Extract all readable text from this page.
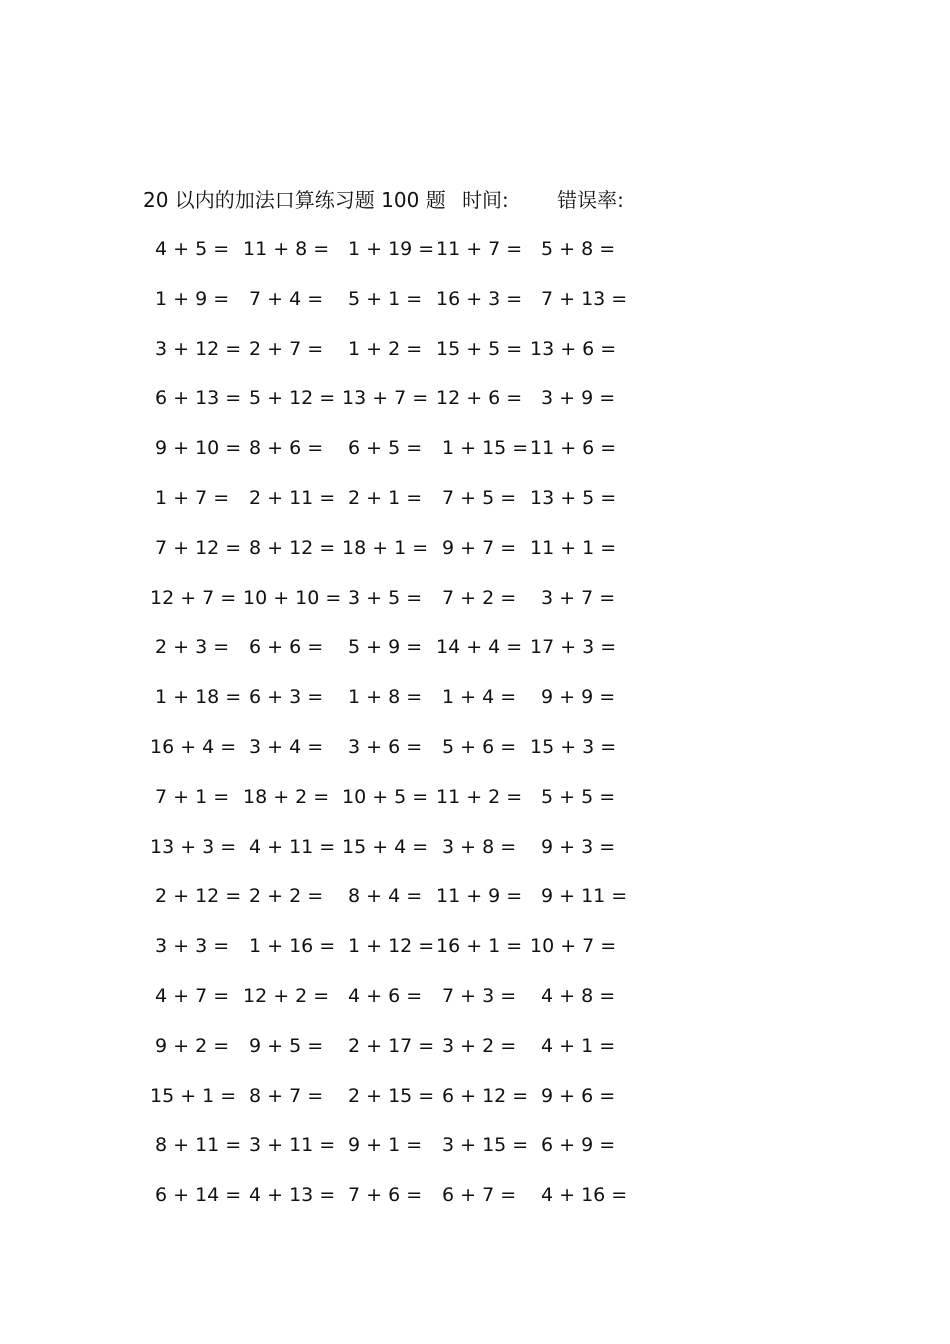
20 以内的加法口算练习题 100 题 时间: 错误率:
4 + 5 = 11 + 8 = 1 + 19 = 11 + 7 = 5 + 8 =
1 + 9 = 7 + 4 = 5 + 1 = 16 + 3 = 7 + 13 =
3 + 12 = 2 + 7 = 1 + 2 = 15 + 5 = 13 + 6 =
6 + 13 = 5 + 12 = 13 + 7 = 12 + 6 = 3 + 9 =
9 + 10 = 8 + 6 = 6 + 5 = 1 + 15 = 11 + 6 =
1 + 7 = 2 + 11 = 2 + 1 = 7 + 5 = 13 + 5 =
7 + 12 = 8 + 12 = 18 + 1 = 9 + 7 = 11 + 1 =
12 + 7 = 10 + 10 = 3 + 5 = 7 + 2 = 3 + 7 =
2 + 3 = 6 + 6 = 5 + 9 = 14 + 4 = 17 + 3 =
1 + 18 = 6 + 3 = 1 + 8 = 1 + 4 = 9 + 9 =
16 + 4 = 3 + 4 = 3 + 6 = 5 + 6 = 15 + 3 =
7 + 1 = 18 + 2 = 10 + 5 = 11 + 2 = 5 + 5 =
13 + 3 = 4 + 11 = 15 + 4 = 3 + 8 = 9 + 3 =
2 + 12 = 2 + 2 = 8 + 4 = 11 + 9 = 9 + 11 =
3 + 3 = 1 + 16 = 1 + 12 = 16 + 1 = 10 + 7 =
4 + 7 = 12 + 2 = 4 + 6 = 7 + 3 = 4 + 8 =
9 + 2 = 9 + 5 = 2 + 17 = 3 + 2 = 4 + 1 =
15 + 1 = 8 + 7 = 2 + 15 = 6 + 12 = 9 + 6 =
8 + 11 = 3 + 11 = 9 + 1 = 3 + 15 = 6 + 9 =
6 + 14 = 4 + 13 = 7 + 6 = 6 + 7 = 4 + 16 =
